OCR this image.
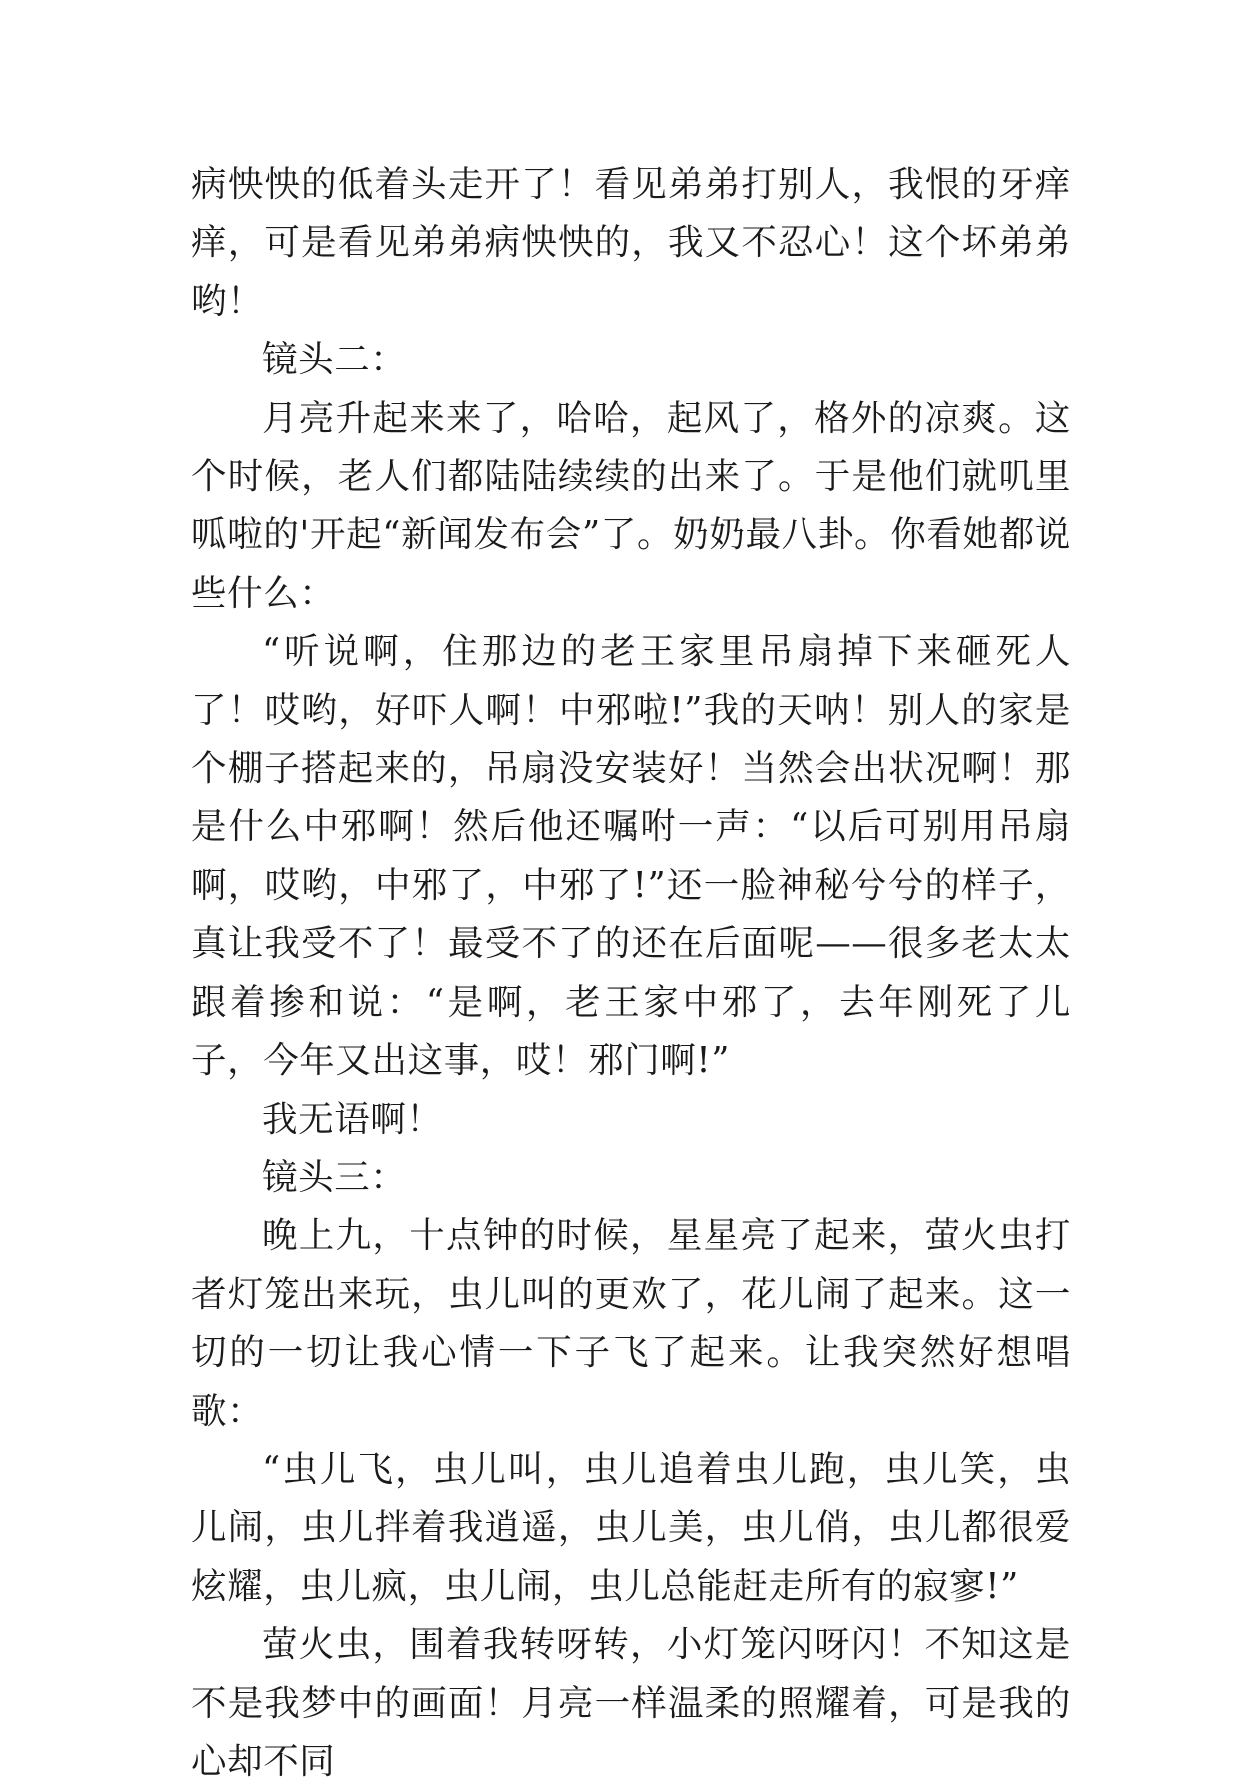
病怏怏的低着头走开了！看见弟弟打别人，我恨的牙痒痒，可是看见弟弟病怏怏的，我又不忍心！这个坏弟弟哟！

镜头二：

月亮升起来来了，哈哈，起风了，格外的凉爽。这个时候，老人们都陆陆续续的出来了。于是他们就叽里呱啦的'开起“新闻发布会”了。奶奶最八卦。你看她都说些什么：

“听说啊，住那边的老王家里吊扇掉下来砸死人了！哎哟，好吓人啊！中邪啦!”我的天呐！别人的家是个棚子搭起来的，吊扇没安装好！当然会出状况啊！那是什么中邪啊！然后他还嘱咐一声：“以后可别用吊扇啊，哎哟，中邪了，中邪了!”还一脸神秘兮兮的样子，真让我受不了！最受不了的还在后面呢——很多老太太跟着掺和说：“是啊，老王家中邪了，去年刚死了儿子，今年又出这事，哎！邪门啊!”

我无语啊！

镜头三：

晚上九，十点钟的时候，星星亮了起来，萤火虫打者灯笼出来玩，虫儿叫的更欢了，花儿闹了起来。这一切的一切让我心情一下子飞了起来。让我突然好想唱歌：

“虫儿飞，虫儿叫，虫儿追着虫儿跑，虫儿笑，虫儿闹，虫儿拌着我逍遥，虫儿美，虫儿俏，虫儿都很爱炫耀，虫儿疯，虫儿闹，虫儿总能赶走所有的寂寥!”

萤火虫，围着我转呀转，小灯笼闪呀闪！不知这是不是我梦中的画面！月亮一样温柔的照耀着，可是我的心却不同
